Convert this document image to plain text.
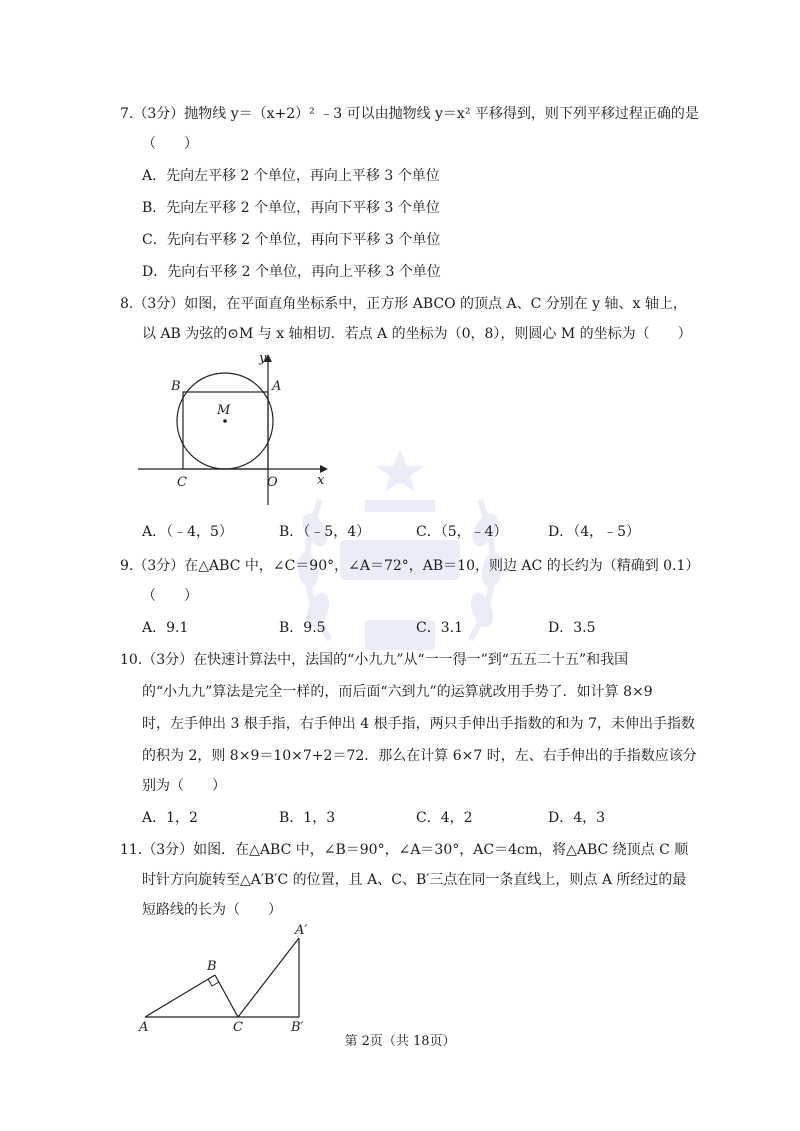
7.（3分）抛物线 y＝（x+2）² ﹣3 可以由抛物线 y＝x² 平移得到，则下列平移过程正确的是
（　　）
A．先向左平移 2 个单位，再向上平移 3 个单位
B．先向左平移 2 个单位，再向下平移 3 个单位
C．先向右平移 2 个单位，再向下平移 3 个单位
D．先向右平移 2 个单位，再向上平移 3 个单位
8.（3分）如图，在平面直角坐标系中，正方形 ABCO 的顶点 A、C 分别在 y 轴、x 轴上，
以 AB 为弦的⊙M 与 x 轴相切．若点 A 的坐标为（0，8），则圆心 M 的坐标为（　　）
y
x
B	A
M
C	O
A．（﹣4，5）	B．（﹣5，4）	C．（5，﹣4）	D．（4，﹣5）
9.（3分）在△ABC 中，∠C＝90°，∠A＝72°，AB＝10，则边 AC 的长约为（精确到 0.1）
（　　）
A．9.1	B．9.5	C．3.1	D．3.5
10.（3分）在快速计算法中，法国的“小九九”从“一一得一”到“五五二十五”和我国
的“小九九”算法是完全一样的，而后面“六到九”的运算就改用手势了．如计算 8×9
时，左手伸出 3 根手指，右手伸出 4 根手指，两只手伸出手指数的和为 7，未伸出手指数
的积为 2，则 8×9＝10×7+2＝72．那么在计算 6×7 时，左、右手伸出的手指数应该分
别为（　　）
A．1，2	B．1，3	C．4，2	D．4，3
11.（3分）如图．在△ABC 中，∠B＝90°，∠A＝30°，AC＝4cm，将△ABC 绕顶点 C 顺
时针方向旋转至△A′B′C 的位置，且 A、C、B′三点在同一条直线上，则点 A 所经过的最
短路线的长为（　　）
A′
B
A	C	B′
第 2页（共 18页）
